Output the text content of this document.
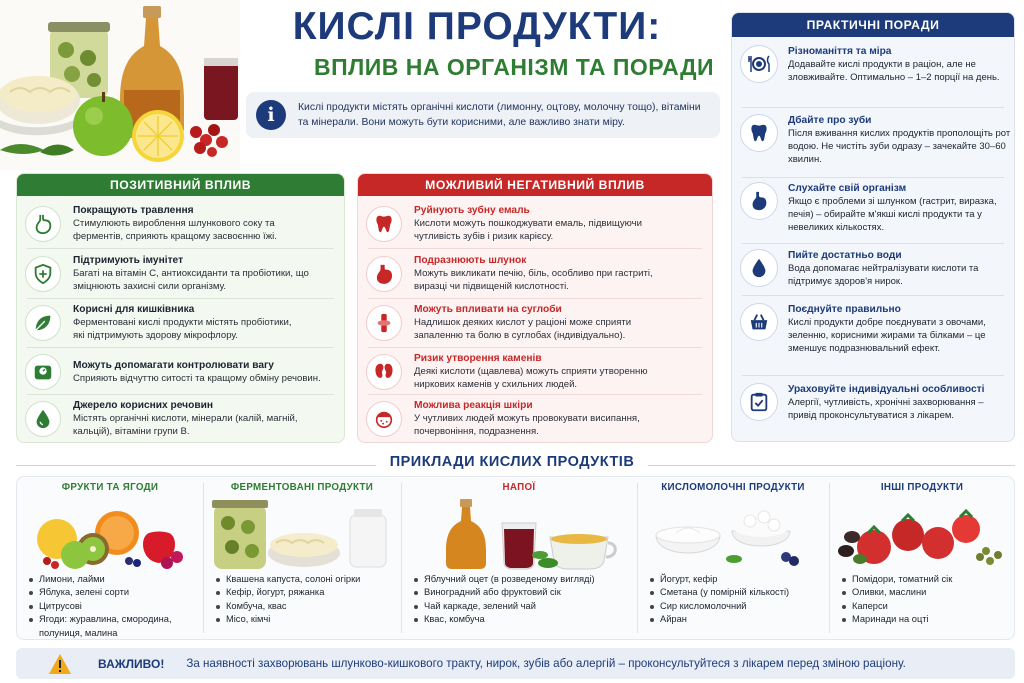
КИСЛІ ПРОДУКТИ:
ВПЛИВ НА ОРГАНІЗМ ТА ПОРАДИ
i	Кислі продукти містять органічні кислоти (лимонну, оцтову, молочну тощо), вітаміни та мінерали. Вони можуть бути корисними, але важливо знати міру.
ПОЗИТИВНИЙ ВПЛИВ
Покращують травлення
Стимулюють вироблення шлункового соку та ферментів, сприяють кращому засвоєнню їжі.
Підтримують імунітет
Багаті на вітамін С, антиоксиданти та пробіотики, що зміцнюють захисні сили організму.
Корисні для кишківника
Ферментовані кислі продукти містять пробіотики, які підтримують здорову мікрофлору.
Можуть допомагати контролювати вагу
Сприяють відчуттю ситості та кращому обміну речовин.
Джерело корисних речовин
Містять органічні кислоти, мінерали (калій, магній, кальцій), вітаміни групи В.
МОЖЛИВИЙ НЕГАТИВНИЙ ВПЛИВ
Руйнують зубну емаль
Кислоти можуть пошкоджувати емаль, підвищуючи чутливість зубів і ризик карієсу.
Подразнюють шлунок
Можуть викликати печію, біль, особливо при гастриті, виразці чи підвищеній кислотності.
Можуть впливати на суглоби
Надлишок деяких кислот у раціоні може сприяти запаленню та болю в суглобах (індивідуально).
Ризик утворення каменів
Деякі кислоти (щавлева) можуть сприяти утворенню ниркових каменів у схильних людей.
Можлива реакція шкіри
У чутливих людей можуть провокувати висипання, почервоніння, подразнення.
ПРАКТИЧНІ ПОРАДИ
Різноманіття та міра
Додавайте кислі продукти в раціон, але не зловживайте. Оптимально – 1–2 порції на день.
Дбайте про зуби
Після вживання кислих продуктів прополощіть рот водою. Не чистіть зуби одразу – зачекайте 30–60 хвилин.
Слухайте свій організм
Якщо є проблеми зі шлунком (гастрит, виразка, печія) – обирайте м'якші кислі продукти та у невеликих кількостях.
Пийте достатньо води
Вода допомагає нейтралізувати кислоти та підтримує здоров'я нирок.
Поєднуйте правильно
Кислі продукти добре поєднувати з овочами, зеленню, корисними жирами та білками – це зменшує подразнювальний ефект.
Ураховуйте індивідуальні особливості
Алергії, чутливість, хронічні захворювання – привід проконсультуватися з лікарем.
ПРИКЛАДИ КИСЛИХ ПРОДУКТІВ
ФРУКТИ ТА ЯГОДИ
Лимони, лайми
Яблука, зелені сорти
Цитрусові
Ягоди: журавлина, смородина, полуниця, малина
ФЕРМЕНТОВАНІ ПРОДУКТИ
Квашена капуста, солоні огірки
Кефір, йогурт, ряжанка
Комбуча, квас
Місо, кімчі
НАПОЇ
Яблучний оцет (в розведеному вигляді)
Виноградний або фруктовий сік
Чай каркаде, зелений чай
Квас, комбуча
КИСЛОМОЛОЧНІ ПРОДУКТИ
Йогурт, кефір
Сметана (у помірній кількості)
Сир кисломолочний
Айран
ІНШІ ПРОДУКТИ
Помідори, томатний сік
Оливки, маслини
Каперси
Маринади на оцті
ВАЖЛИВО! За наявності захворювань шлунково-кишкового тракту, нирок, зубів або алергій – проконсультуйтеся з лікарем перед зміною раціону.
